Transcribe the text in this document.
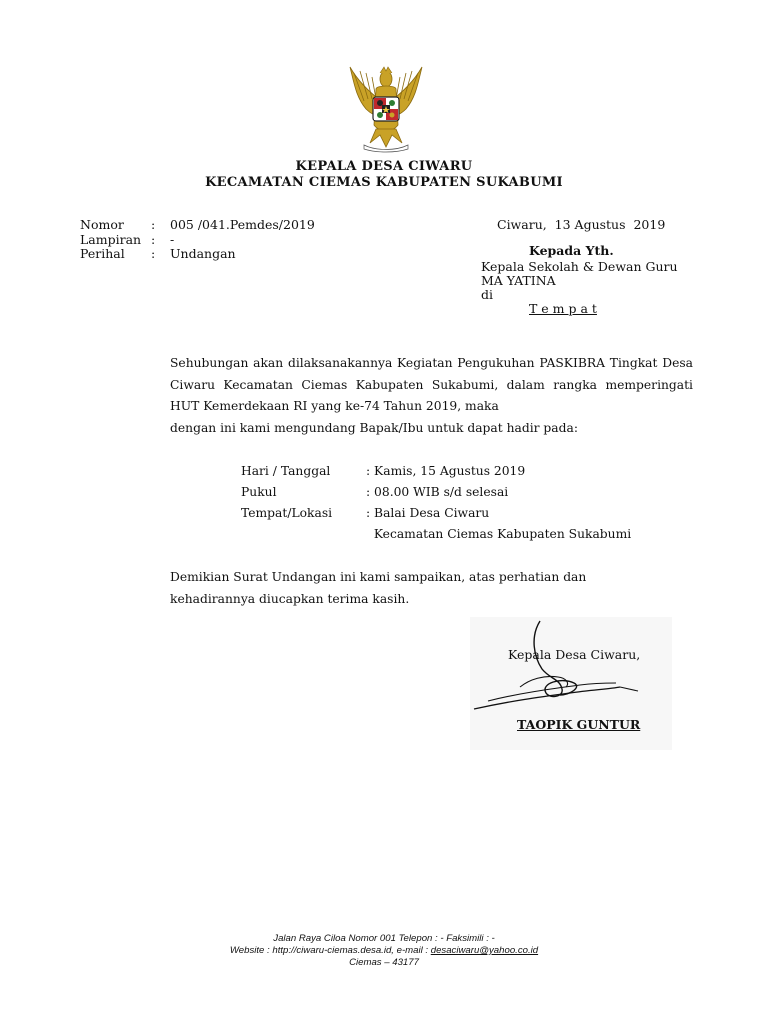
KEPALA DESA CIWARU
KECAMATAN CIEMAS KABUPATEN SUKABUMI
Nomor : 005 /041.Pemdes/2019
Lampiran : -
Perihal : Undangan
Ciwaru,  13 Agustus  2019
Kepada Yth.
Kepala Sekolah & Dewan Guru
MA YATINA
di
T e m p a t
Sehubungan akan dilaksanakannya Kegiatan Pengukuhan PASKIBRA Tingkat Desa Ciwaru Kecamatan Ciemas Kabupaten Sukabumi, dalam rangka memperingati HUT Kemerdekaan RI yang ke-74 Tahun 2019, maka
dengan ini kami mengundang Bapak/Ibu untuk dapat hadir pada:
Hari / Tanggal	: Kamis, 15 Agustus 2019
Pukul	: 08.00 WIB s/d selesai
Tempat/Lokasi	: Balai Desa Ciwaru
Kecamatan Ciemas Kabupaten Sukabumi
Demikian Surat Undangan ini kami sampaikan, atas perhatian dan
kehadirannya diucapkan terima kasih.
Kepala Desa Ciwaru,
TAOPIK GUNTUR
Jalan Raya Ciloa Nomor 001 Telepon : - Faksimili : -
Website : http://ciwaru-ciemas.desa.id, e-mail : desaciwaru@yahoo.co.id
Ciemas – 43177
